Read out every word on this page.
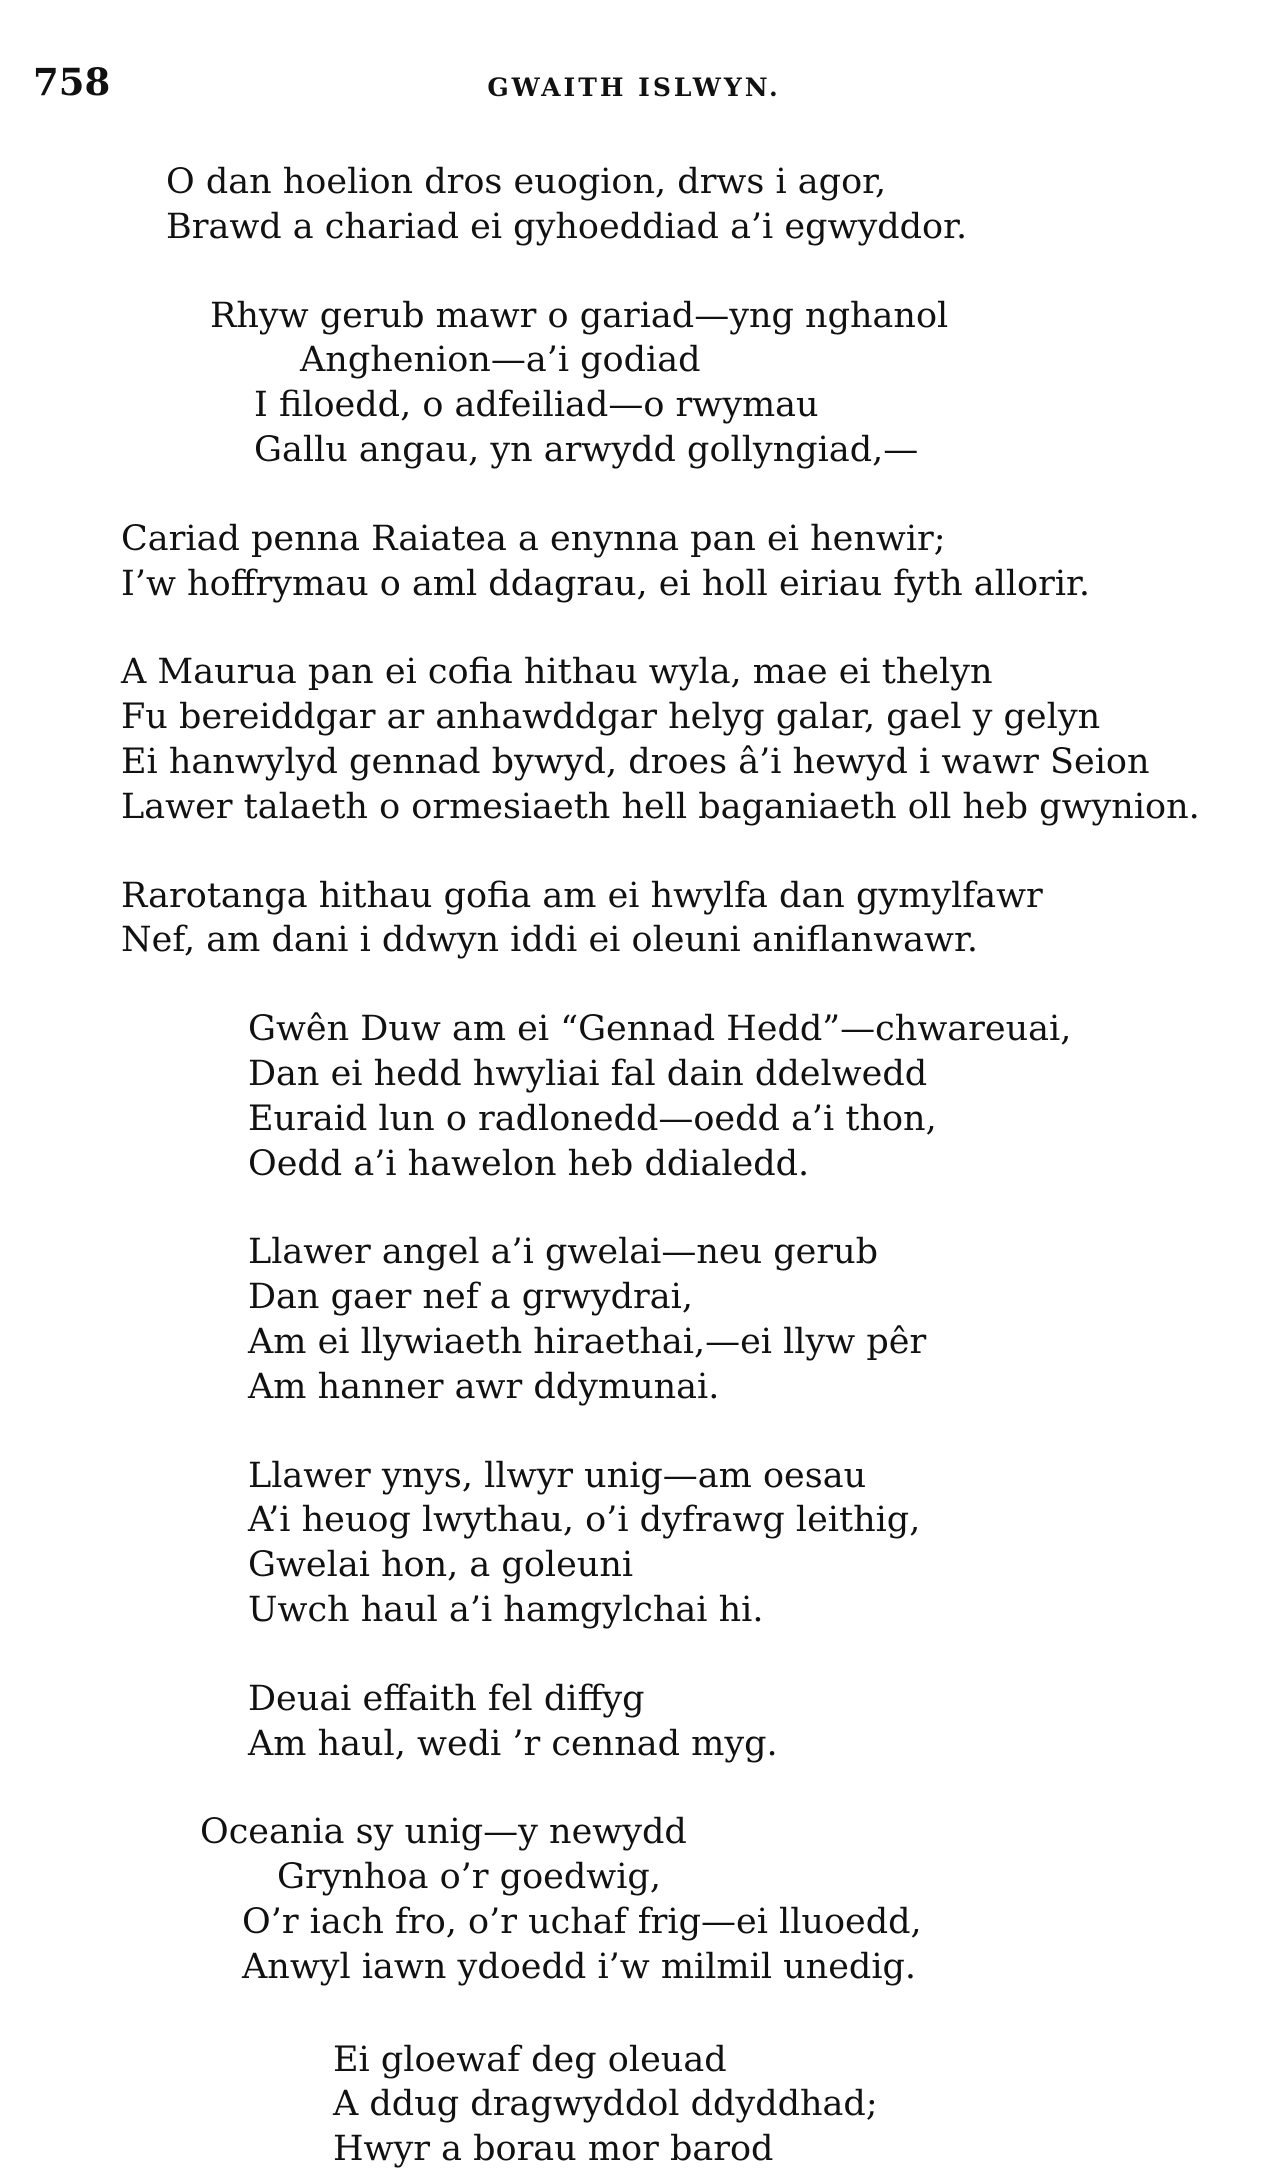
758	GWAITH ISLWYN.
O dan hoelion dros euogion, drws i agor,
Brawd a chariad ei gyhoeddiad a’i egwyddor.
Rhyw gerub mawr o gariad—yng nghanol
Anghenion—a’i godiad
I filoedd, o adfeiliad—o rwymau
Gallu angau, yn arwydd gollyngiad,—
Cariad penna Raiatea a enynna pan ei henwir;
I’w hoffrymau o aml ddagrau, ei holl eiriau fyth allorir.
A Maurua pan ei cofia hithau wyla, mae ei thelyn
Fu bereiddgar ar anhawddgar helyg galar, gael y gelyn
Ei hanwylyd gennad bywyd, droes â’i hewyd i wawr Seion
Lawer talaeth o ormesiaeth hell baganiaeth oll heb gwynion.
Rarotanga hithau gofia am ei hwylfa dan gymylfawr
Nef, am dani i ddwyn iddi ei oleuni aniflanwawr.
Gwên Duw am ei “Gennad Hedd”—chwareuai,
Dan ei hedd hwyliai fal dain ddelwedd
Euraid lun o radlonedd—oedd a’i thon,
Oedd a’i hawelon heb ddialedd.
Llawer angel a’i gwelai—neu gerub
Dan gaer nef a grwydrai,
Am ei llywiaeth hiraethai,—ei llyw pêr
Am hanner awr ddymunai.
Llawer ynys, llwyr unig—am oesau
A’i heuog lwythau, o’i dyfrawg leithig,
Gwelai hon, a goleuni
Uwch haul a’i hamgylchai hi.
Deuai effaith fel diffyg
Am haul, wedi ’r cennad myg.
Oceania sy unig—y newydd
Grynhoa o’r goedwig,
O’r iach fro, o’r uchaf frig—ei lluoedd,
Anwyl iawn ydoedd i’w milmil unedig.
Ei gloewaf deg oleuad
A ddug dragwyddol ddyddhad;
Hwyr a borau mor barod
